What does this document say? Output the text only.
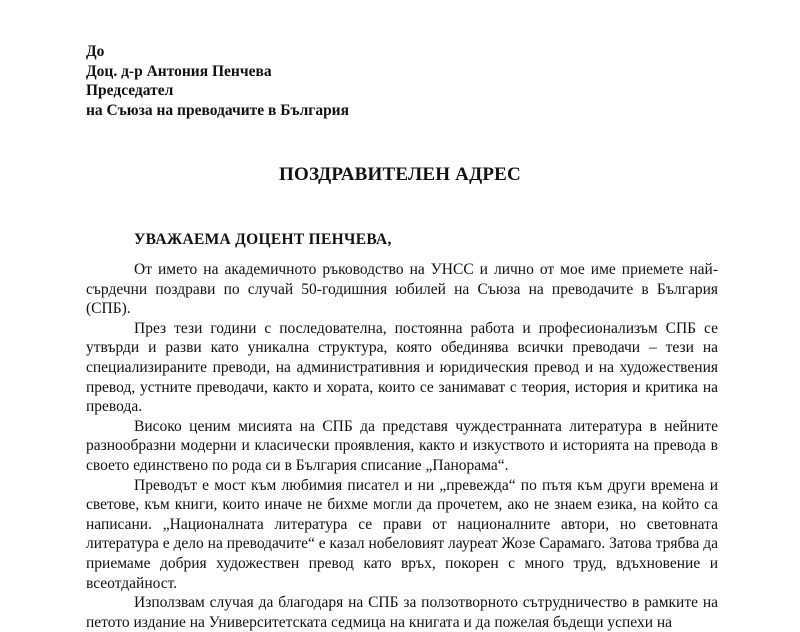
До
Доц. д-р Антония Пенчева
Председател
на Съюза на преводачите в България
ПОЗДРАВИТЕЛЕН АДРЕС
УВАЖАЕМА ДОЦЕНТ ПЕНЧЕВА,

От името на академичното ръководство на УНСС и лично от мое име приемете най-сърдечни поздрави по случай 50-годишния юбилей на Съюза на преводачите в България (СПБ).

През тези години с последователна, постоянна работа и професионализъм СПБ се утвърди и разви като уникална структура, която обединява всички преводачи – тези на специализираните преводи, на административния и юридическия превод и на художествения превод, устните преводачи, както и хората, които се занимават с теория, история и критика на превода.

Високо ценим мисията на СПБ да представя чуждестранната литература в нейните разнообразни модерни и класически проявления, както и изкуството и историята на превода в своето единствено по рода си в България списание „Панорама“.

Преводът е мост към любимия писател и ни „превежда“ по пътя към други времена и светове, към книги, които иначе не бихме могли да прочетем, ако не знаем езика, на който са написани. „Националната литература се прави от националните автори, но световната литература е дело на преводачите“ е казал нобеловият лауреат Жозе Сарамаго. Затова трябва да приемаме добрия художествен превод като връх, покорен с много труд, вдъхновение и всеотдайност.

Използвам случая да благодаря на СПБ за ползотворното сътрудничество в рамките на петото издание на Университетската седмица на книгата и да пожелая бъдещи успехи на
